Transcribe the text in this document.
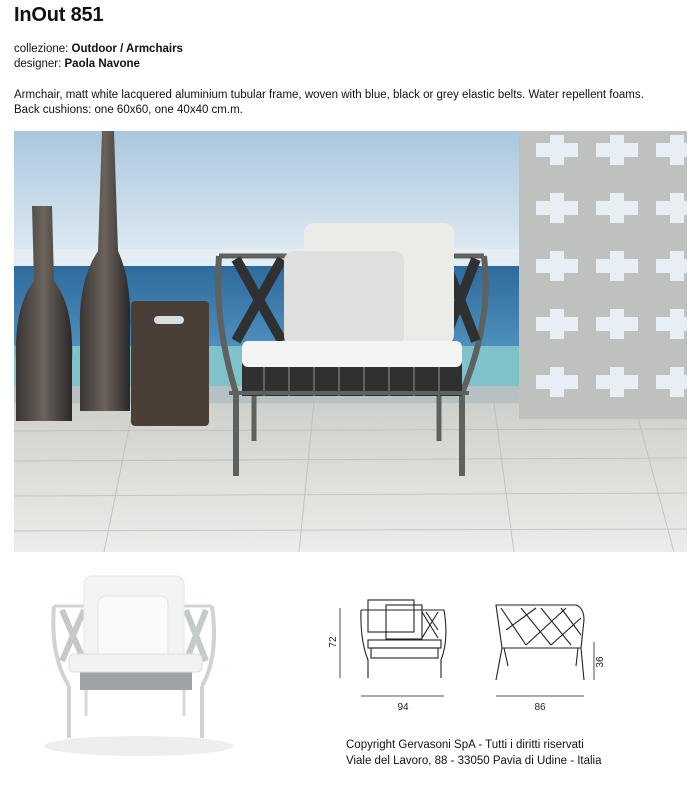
InOut 851
collezione: Outdoor / Armchairs
designer: Paola Navone
Armchair, matt white lacquered aluminium tubular frame, woven with blue, black or grey elastic belts. Water repellent foams.
Back cushions: one 60x60, one 40x40 cm.m.
72
94
36
86
Copyright Gervasoni SpA - Tutti i diritti riservati
Viale del Lavoro, 88 - 33050 Pavia di Udine - Italia
